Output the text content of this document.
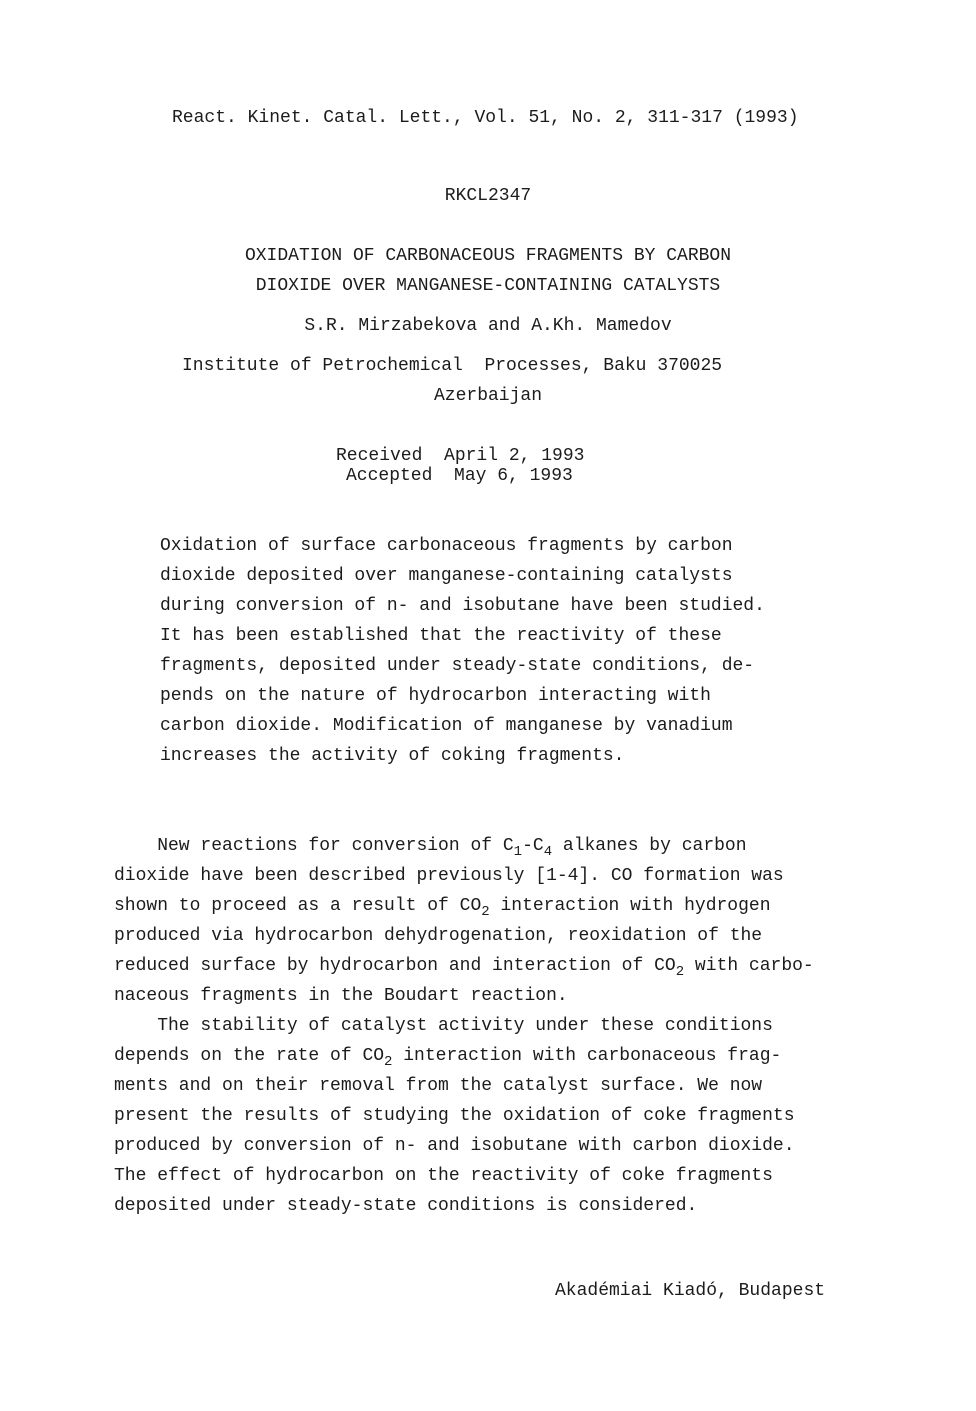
React. Kinet. Catal. Lett., Vol. 51, No. 2, 311-317 (1993)
RKCL2347
OXIDATION OF CARBONACEOUS FRAGMENTS BY CARBON
DIOXIDE OVER MANGANESE-CONTAINING CATALYSTS
S.R. Mirzabekova and A.Kh. Mamedov
Institute of Petrochemical  Processes, Baku 370025
Azerbaijan
Received  April 2, 1993
Accepted  May 6, 1993
Oxidation of surface carbonaceous fragments by carbon
dioxide deposited over manganese-containing catalysts
during conversion of n- and isobutane have been studied.
It has been established that the reactivity of these
fragments, deposited under steady-state conditions, de-
pends on the nature of hydrocarbon interacting with
carbon dioxide. Modification of manganese by vanadium
increases the activity of coking fragments.
New reactions for conversion of $C_1-C_4$ alkanes by carbon
dioxide have been described previously [1-4]. CO formation was
shown to proceed as a result of $CO_2$ interaction with hydrogen
produced via hydrocarbon dehydrogenation, reoxidation of the
reduced surface by hydrocarbon and interaction of $CO_2$ with carbo-
naceous fragments in the Boudart reaction.
The stability of catalyst activity under these conditions
depends on the rate of $CO_2$ interaction with carbonaceous frag-
ments and on their removal from the catalyst surface. We now
present the results of studying the oxidation of coke fragments
produced by conversion of n- and isobutane with carbon dioxide.
The effect of hydrocarbon on the reactivity of coke fragments
deposited under steady-state conditions is considered.
Akadémiai Kiadó, Budapest
